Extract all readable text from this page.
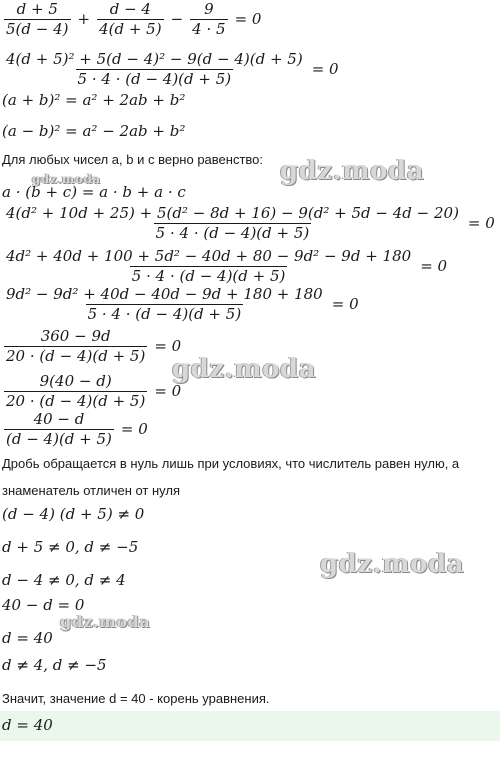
$\frac{d + 5}{5(d - 4)} + \frac{d - 4}{4(d + 5)} - \frac{9}{4 \cdot 5} = 0$
$\frac{\text{4(d + 5)² + 5(d − 4)² − 9(d − 4)(d + 5)}}{5 \cdot 4 \cdot (d - 4)(d + 5)} = 0$
(a + b)² = a² + 2ab + b²
(a − b)² = a² − 2ab + b²
Для любых чисел a, b и c верно равенство:
a · (b + c) = a · b + a · c
$\frac{\text{4(d² + 10d + 25) + 5(d² − 8d + 16) − 9(d² + 5d − 4d − 20)}}{5 \cdot 4 \cdot (d - 4)(d + 5)} = 0$
$\frac{\text{4d² + 40d + 100 + 5d² − 40d + 80 − 9d² − 9d + 180}}{5 \cdot 4 \cdot (d - 4)(d + 5)} = 0$
$\frac{\text{9d² − 9d² + 40d − 40d − 9d + 180 + 180}}{5 \cdot 4 \cdot (d - 4)(d + 5)} = 0$
$\frac{360 - 9d}{20 \cdot (d - 4)(d + 5)} = 0$
$\frac{9(40 - d)}{20 \cdot (d - 4)(d + 5)} = 0$
$\frac{40 - d}{(d - 4)(d + 5)} = 0$
Дробь обращается в нуль лишь при условиях, что числитель равен нулю, а
знаменатель отличен от нуля
(d − 4) (d + 5) ≠ 0
d + 5 ≠ 0, d ≠ −5
d − 4 ≠ 0, d ≠ 4
40 − d = 0
d = 40
d ≠ 4, d ≠ −5
Значит, значение d = 40 - корень уравнения.
d = 40
gdz.moda
gdz.moda
gdz.moda
gdz.moda
gdz.moda
